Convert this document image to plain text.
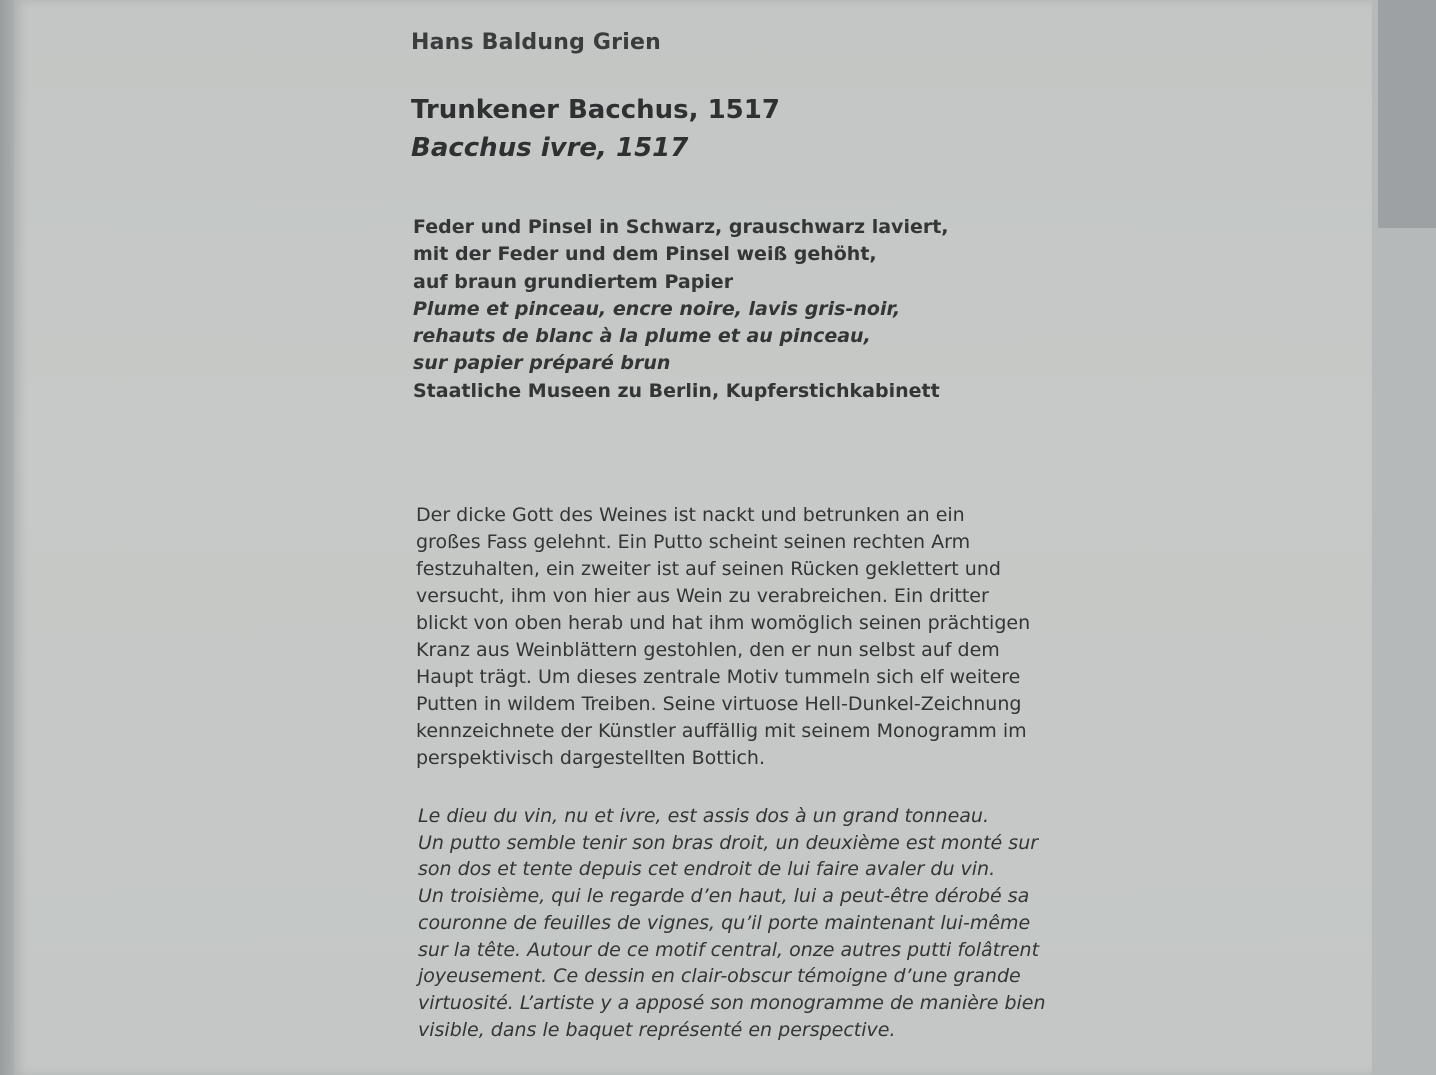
Hans Baldung Grien
Trunkener Bacchus, 1517
Bacchus ivre, 1517
Feder und Pinsel in Schwarz, grauschwarz laviert,
mit der Feder und dem Pinsel weiß gehöht,
auf braun grundiertem Papier
Plume et pinceau, encre noire, lavis gris-noir,
rehauts de blanc à la plume et au pinceau,
sur papier préparé brun
Staatliche Museen zu Berlin, Kupferstichkabinett
Der dicke Gott des Weines ist nackt und betrunken an ein
großes Fass gelehnt. Ein Putto scheint seinen rechten Arm
festzuhalten, ein zweiter ist auf seinen Rücken geklettert und
versucht, ihm von hier aus Wein zu verabreichen. Ein dritter
blickt von oben herab und hat ihm womöglich seinen prächtigen
Kranz aus Weinblättern gestohlen, den er nun selbst auf dem
Haupt trägt. Um dieses zentrale Motiv tummeln sich elf weitere
Putten in wildem Treiben. Seine virtuose Hell-Dunkel-Zeichnung
kennzeichnete der Künstler auffällig mit seinem Monogramm im
perspektivisch dargestellten Bottich.
Le dieu du vin, nu et ivre, est assis dos à un grand tonneau.
Un putto semble tenir son bras droit, un deuxième est monté sur
son dos et tente depuis cet endroit de lui faire avaler du vin.
Un troisième, qui le regarde d’en haut, lui a peut-être dérobé sa
couronne de feuilles de vignes, qu’il porte maintenant lui-même
sur la tête. Autour de ce motif central, onze autres putti folâtrent
joyeusement. Ce dessin en clair-obscur témoigne d’une grande
virtuosité. L’artiste y a apposé son monogramme de manière bien
visible, dans le baquet représenté en perspective.
